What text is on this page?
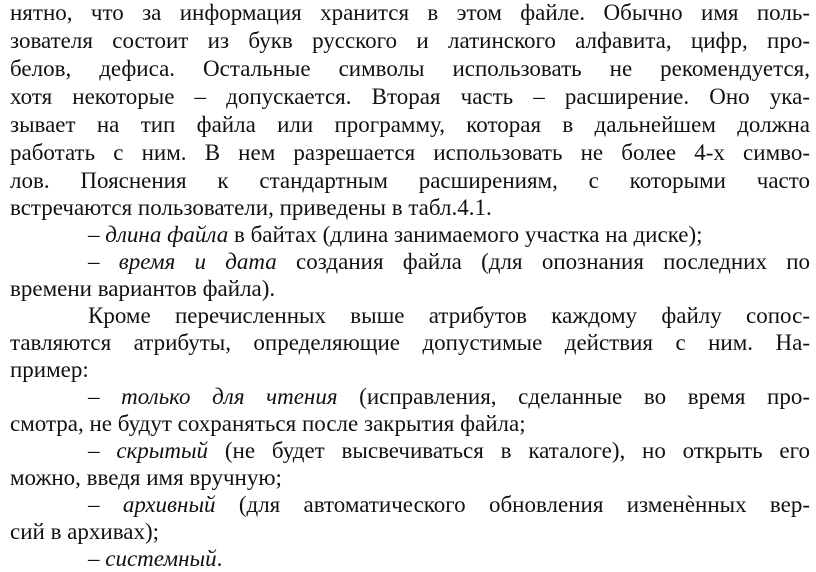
нятно, что за информация хранится в этом файле. Обычно имя поль-
зователя состоит из букв русского и латинского алфавита, цифр, про-
белов, дефиса. Остальные символы использовать не рекомендуется,
хотя некоторые – допускается. Вторая часть – расширение. Оно ука-
зывает на тип файла или программу, которая в дальнейшем должна
работать с ним. В нем разрешается использовать не более 4-х симво-
лов. Пояснения к стандартным расширениям, с которыми часто
встречаются пользователи, приведены в табл.4.1.
– длина файла в байтах (длина занимаемого участка на диске);
– время и дата создания файла (для опознания последних по
времени вариантов файла).
Кроме перечисленных выше атрибутов каждому файлу сопос-
тавляются атрибуты, определяющие допустимые действия с ним. На-
пример:
– только для чтения (исправления, сделанные во время про-
смотра, не будут сохраняться после закрытия файла;
– скрытый (не будет высвечиваться в каталоге), но открыть его
можно, введя имя вручную;
– архивный (для автоматического обновления изменѐнных вер-
сий в архивах);
– системный.
